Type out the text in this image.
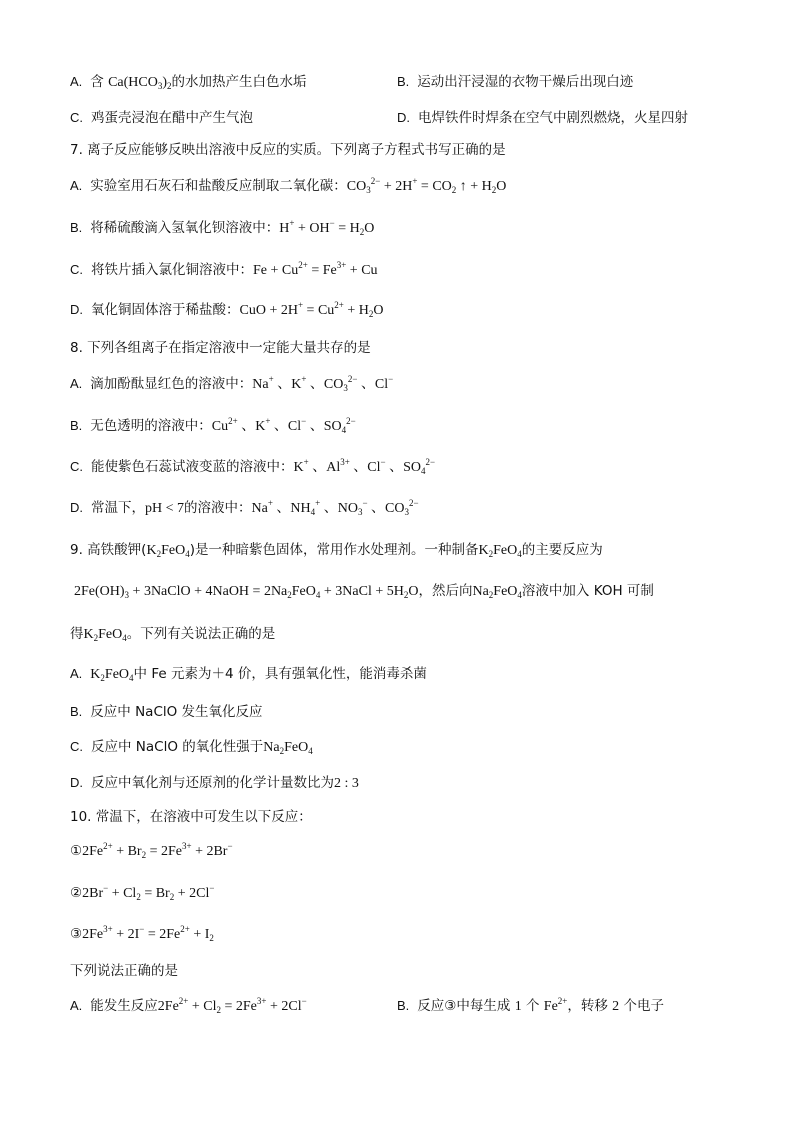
A. 含 $Ca(HCO_3)_2$的水加热产生白色水垢	B. 运动出汗浸湿的衣物干燥后出现白迹
C. 鸡蛋壳浸泡在醋中产生气泡	D. 电焊铁件时焊条在空气中剧烈燃烧，火星四射
7. 离子反应能够反映出溶液中反应的实质。下列离子方程式书写正确的是
A. 实验室用石灰石和盐酸反应制取二氧化碳：$CO_3^{2-} + 2H^+ = CO_2$ ↑ + $H_2O$
B. 将稀硫酸滴入氢氧化钡溶液中：$H^+ + OH^- = H_2O$
C. 将铁片插入氯化铜溶液中：$Fe + Cu^{2+} = Fe^{3+} + Cu$
D. 氧化铜固体溶于稀盐酸：CuO + $2H^+ = Cu^{2+} + H_2O$
8. 下列各组离子在指定溶液中一定能大量共存的是
A. 滴加酚酞显红色的溶液中：Na+ 、K+ 、$CO_3^{2-}$ 、Cl−
B. 无色透明的溶液中：$Cu^{2+}$ 、K+ 、Cl− 、$SO_4^{2-}$
C. 能使紫色石蕊试液变蓝的溶液中：K+ 、$Al^{3+}$ 、Cl− 、$SO_4^{2-}$
D. 常温下，pH < 7的溶液中：Na+ 、$NH_4^+$ 、$NO_3^-$ 、$CO_3^{2-}$
9. 高铁酸钾$(K_2FeO_4)$是一种暗紫色固体，常用作水处理剂。一种制备$K_2FeO_4$的主要反应为
$2Fe(OH)_3$ + 3NaClO + 4NaOH = $2Na_2FeO_4$ + 3NaCl + $5H_2O$，然后向$Na_2FeO_4$溶液中加入 KOH 可制
得$K_2FeO_4$。下列有关说法正确的是
A. $K_2FeO_4$中 Fe 元素为＋4 价，具有强氧化性，能消毒杀菌
B. 反应中 NaClO 发生氧化反应
C. 反应中 NaClO 的氧化性强于$Na_2FeO_4$
D. 反应中氧化剂与还原剂的化学计量数比为2 : 3
10. 常温下，在溶液中可发生以下反应：
$①2Fe^{2+} + Br_2 = 2Fe^{3+} + 2Br^-$
②2Br− + $Cl_2 = Br_2 + 2Cl^-$
$③2Fe^{3+} + 2I^- = 2Fe^{2+} + I_2$
下列说法正确的是
A. 能发生反应$2Fe^{2+} + Cl_2 = 2Fe^{3+} + 2Cl^-$	B. 反应③中每生成 1 个 $Fe^{2+}$，转移 2 个电子
